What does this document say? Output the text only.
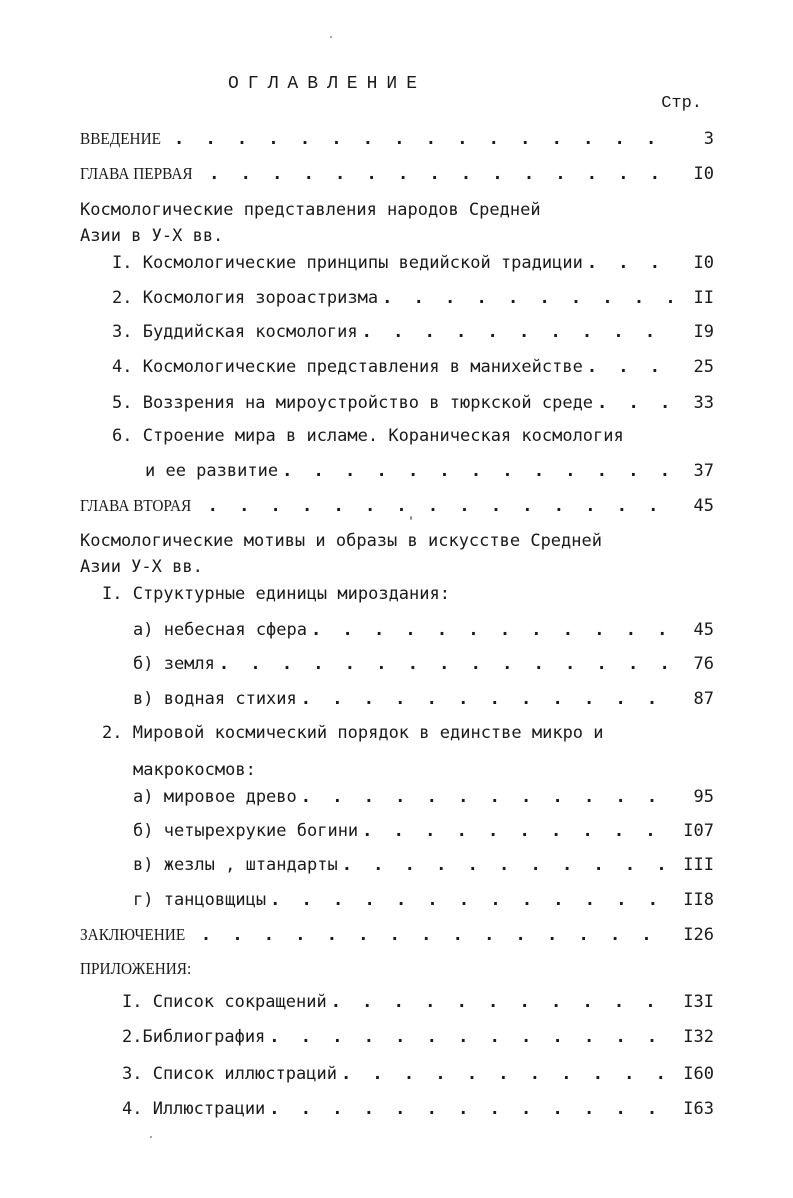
ОГЛАВЛЕНИЕ
Стр.
ВВЕДЕНИЕ . . .	3
ГЛАВА ПЕРВАЯ . . .	I0
Космологические представления народов Средней
Азии в У-Х вв.
I. Космологические принципы ведийской традиции . . .	I0
2. Космология зороастризма . . .	II
3. Буддийская космология . . .	I9
4. Космологические представления в манихействе . . .	25
5. Воззрения на мироустройство в тюркской среде . . .	33
6. Строение мира в исламе. Кораническая космология
и ее развитие . . .	37
ГЛАВА ВТОРАЯ . . .	45
Космологические мотивы и образы в искусстве Средней
Азии У-Х вв.
I. Структурные единицы мироздания:
а) небесная сфера . . .	45
б) земля . . .	76
в) водная стихия . . .	87
2. Мировой космический порядок в единстве микро и
макрокосмов:
а) мировое древо . . .	95
б) четырехрукие богини . . .	I07
в) жезлы , штандарты . . .	III
г) танцовщицы . . .	II8
ЗАКЛЮЧЕНИЕ . . .	I26
ПРИЛОЖЕНИЯ:
I. Список сокращений . . .	I3I
2.Библиография . . .	I32
3. Список иллюстраций . . .	I60
4. Иллюстрации . . .	I63
